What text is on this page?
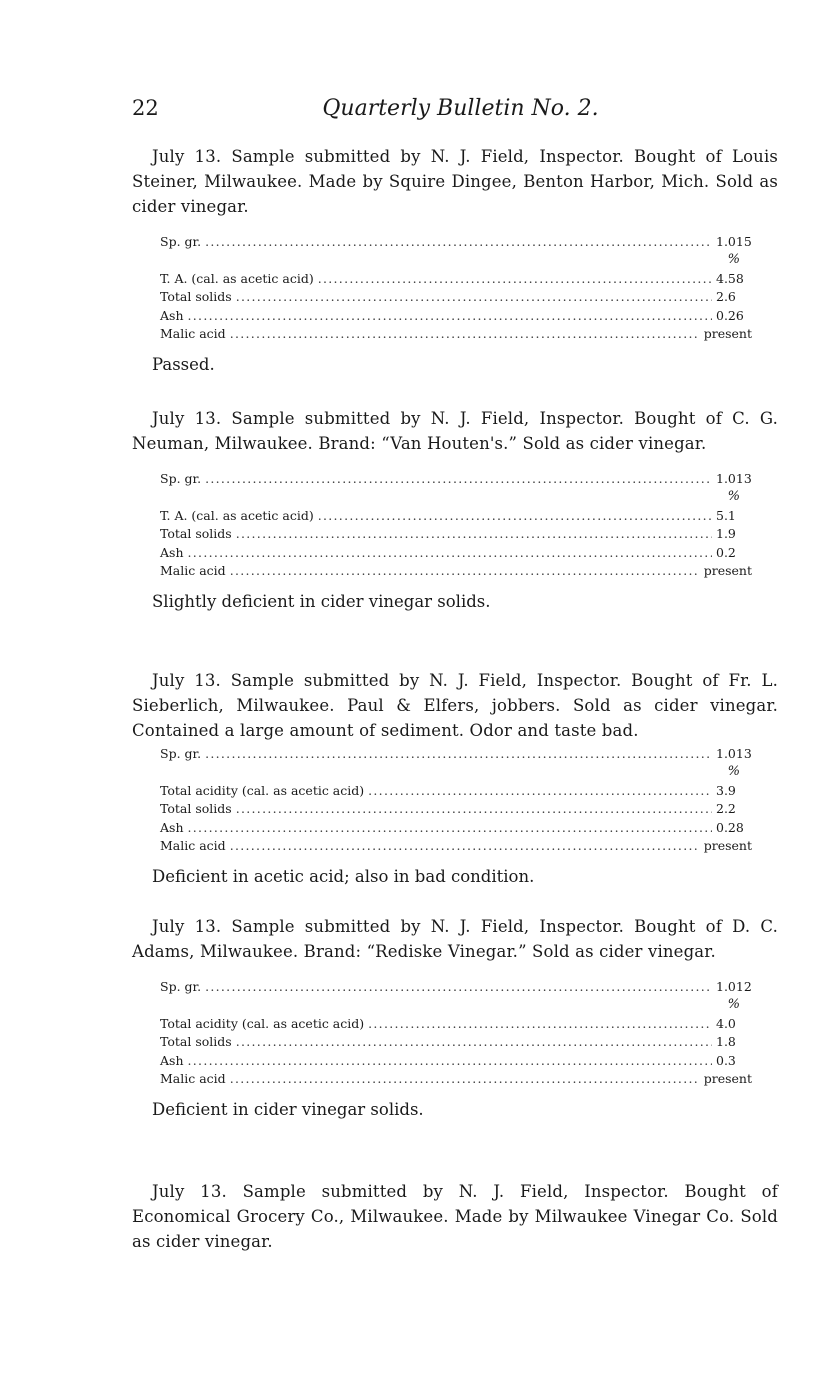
22	Quarterly Bulletin No. 2.

July 13. Sample submitted by N. J. Field, Inspector. Bought of Louis Steiner, Milwaukee. Made by Squire Dingee, Benton Harbor, Mich. Sold as cider vinegar.

Sp. gr. .....	1.015
%
T. A. (cal. as acetic acid) .....	4.58
Total solids .....	2.6
Ash .....	0.26
Malic acid .....	present

Passed.

July 13. Sample submitted by N. J. Field, Inspector. Bought of C. G. Neuman, Milwaukee. Brand: “Van Houten's.” Sold as cider vinegar.

Sp. gr. .....	1.013
%
T. A. (cal. as acetic acid) .....	5.1
Total solids .....	1.9
Ash .....	0.2
Malic acid .....	present

Slightly deficient in cider vinegar solids.

July 13. Sample submitted by N. J. Field, Inspector. Bought of Fr. L. Sieberlich, Milwaukee. Paul & Elfers, jobbers. Sold as cider vinegar. Contained a large amount of sediment. Odor and taste bad.

Sp. gr. .....	1.013
%
Total acidity (cal. as acetic acid) .....	3.9
Total solids .....	2.2
Ash .....	0.28
Malic acid .....	present

Deficient in acetic acid; also in bad condition.

July 13. Sample submitted by N. J. Field, Inspector. Bought of D. C. Adams, Milwaukee. Brand: “Rediske Vinegar.” Sold as cider vinegar.

Sp. gr. .....	1.012
%
Total acidity (cal. as acetic acid) .....	4.0
Total solids .....	1.8
Ash .....	0.3
Malic acid .....	present

Deficient in cider vinegar solids.

July 13. Sample submitted by N. J. Field, Inspector. Bought of Economical Grocery Co., Milwaukee. Made by Milwaukee Vinegar Co. Sold as cider vinegar.
